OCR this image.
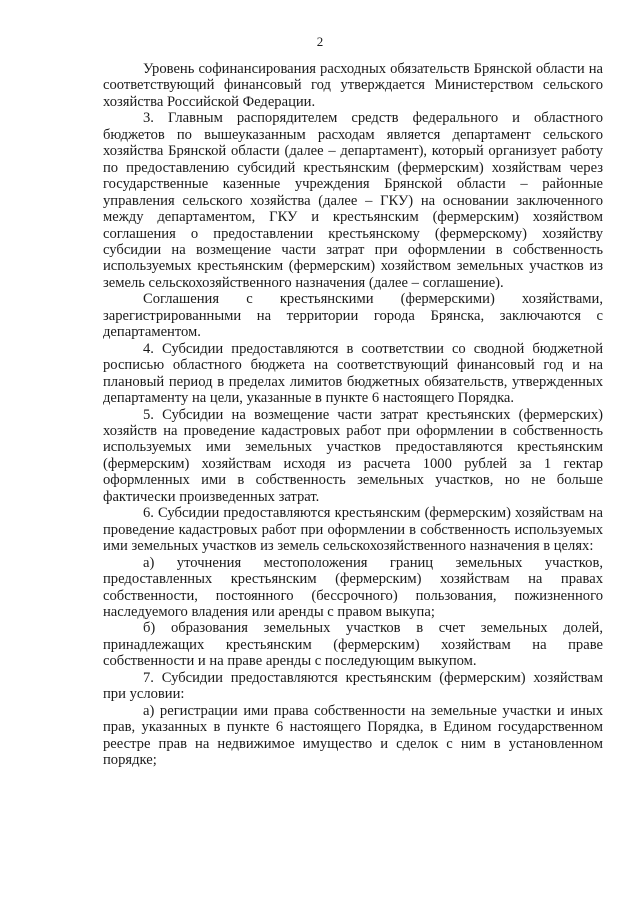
2

Уровень софинансирования расходных обязательств Брянской области на соответствующий финансовый год утверждается Министерством сельского хозяйства Российской Федерации.

3. Главным распорядителем средств федерального и областного бюджетов по вышеуказанным расходам является департамент сельского хозяйства Брянской области (далее – департамент), который организует работу по предоставлению субсидий крестьянским (фермерским) хозяйствам через государственные казенные учреждения Брянской области – районные управления сельского хозяйства (далее – ГКУ) на основании заключенного между департаментом, ГКУ и крестьянским (фермерским) хозяйством соглашения о предоставлении крестьянскому (фермерскому) хозяйству субсидии на возмещение части затрат при оформлении в собственность используемых крестьянским (фермерским) хозяйством земельных участков из земель сельскохозяйственного назначения (далее – соглашение).

Соглашения с крестьянскими (фермерскими) хозяйствами, зарегистрированными на территории города Брянска, заключаются с департаментом.

4. Субсидии предоставляются в соответствии со сводной бюджетной росписью областного бюджета на соответствующий финансовый год и на плановый период в пределах лимитов бюджетных обязательств, утвержденных департаменту на цели, указанные в пункте 6 настоящего Порядка.

5. Субсидии на возмещение части затрат крестьянских (фермерских) хозяйств на проведение кадастровых работ при оформлении в собственность используемых ими земельных участков предоставляются крестьянским (фермерским) хозяйствам исходя из расчета 1000 рублей за 1 гектар оформленных ими в собственность земельных участков, но не больше фактически произведенных затрат.

6. Субсидии предоставляются крестьянским (фермерским) хозяйствам на проведение кадастровых работ при оформлении в собственность используемых ими земельных участков из земель сельскохозяйственного назначения в целях:

а) уточнения местоположения границ земельных участков, предоставленных крестьянским (фермерским) хозяйствам на правах собственности, постоянного (бессрочного) пользования, пожизненного наследуемого владения или аренды с правом выкупа;

б) образования земельных участков в счет земельных долей, принадлежащих крестьянским (фермерским) хозяйствам на праве собственности и на праве аренды с последующим выкупом.

7. Субсидии предоставляются крестьянским (фермерским) хозяйствам при условии:

а) регистрации ими права собственности на земельные участки и иных прав, указанных в пункте 6 настоящего Порядка, в Едином государственном реестре прав на недвижимое имущество и сделок с ним в установленном порядке;
